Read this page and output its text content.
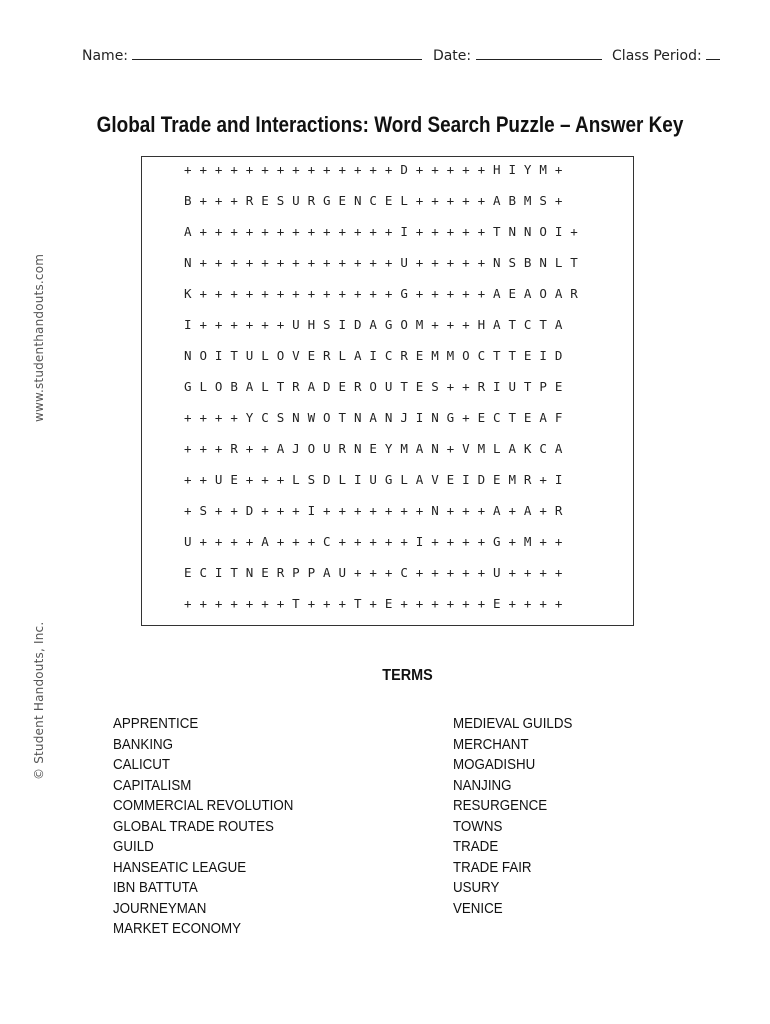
Name:	Date:	Class Period:
www.studenthandouts.com
© Student Handouts, Inc.
Global Trade and Interactions: Word Search Puzzle – Answer Key
+ + + + + + + + + + + + + + D + + + + + H I Y M +
B + + + R E S U R G E N C E L + + + + + A B M S +
A + + + + + + + + + + + + + I + + + + + T N N O I +
N + + + + + + + + + + + + + U + + + + + N S B N L T
K + + + + + + + + + + + + + G + + + + + A E A O A R
I + + + + + + U H S I D A G O M + + + H A T C T A
N O I T U L O V E R L A I C R E M M O C T T E I D
G L O B A L T R A D E R O U T E S + + R I U T P E
+ + + + Y C S N W O T N A N J I N G + E C T E A F
+ + + R + + A J O U R N E Y M A N + V M L A K C A
+ + U E + + + L S D L I U G L A V E I D E M R + I
+ S + + D + + + I + + + + + + + N + + + A + A + R
U + + + + A + + + C + + + + + I + + + + G + M + +
E C I T N E R P P A U + + + C + + + + + U + + + +
+ + + + + + + T + + + T + E + + + + + + E + + + +
TERMS
APPRENTICE
BANKING
CALICUT
CAPITALISM
COMMERCIAL REVOLUTION
GLOBAL TRADE ROUTES
GUILD
HANSEATIC LEAGUE
IBN BATTUTA
JOURNEYMAN
MARKET ECONOMY
MEDIEVAL GUILDS
MERCHANT
MOGADISHU
NANJING
RESURGENCE
TOWNS
TRADE
TRADE FAIR
USURY
VENICE
